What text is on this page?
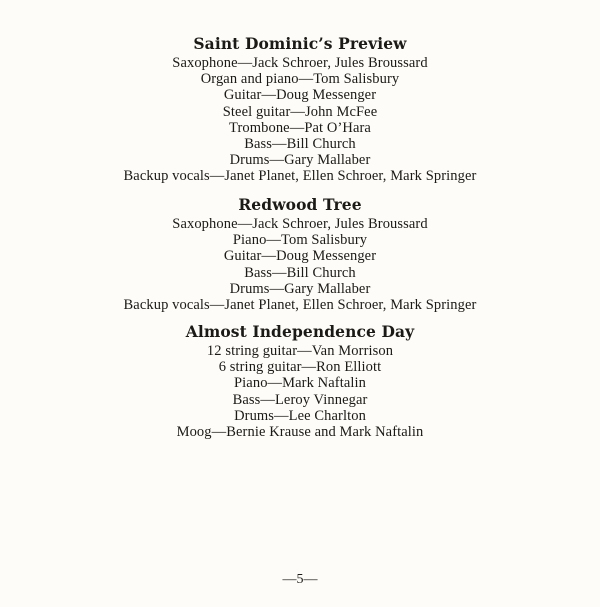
Saint Dominic’s Preview
Saxophone—Jack Schroer, Jules Broussard
Organ and piano—Tom Salisbury
Guitar—Doug Messenger
Steel guitar—John McFee
Trombone—Pat O’Hara
Bass—Bill Church
Drums—Gary Mallaber
Backup vocals—Janet Planet, Ellen Schroer, Mark Springer
Redwood Tree
Saxophone—Jack Schroer, Jules Broussard
Piano—Tom Salisbury
Guitar—Doug Messenger
Bass—Bill Church
Drums—Gary Mallaber
Backup vocals—Janet Planet, Ellen Schroer, Mark Springer
Almost Independence Day
12 string guitar—Van Morrison
6 string guitar—Ron Elliott
Piano—Mark Naftalin
Bass—Leroy Vinnegar
Drums—Lee Charlton
Moog—Bernie Krause and Mark Naftalin
—5—
